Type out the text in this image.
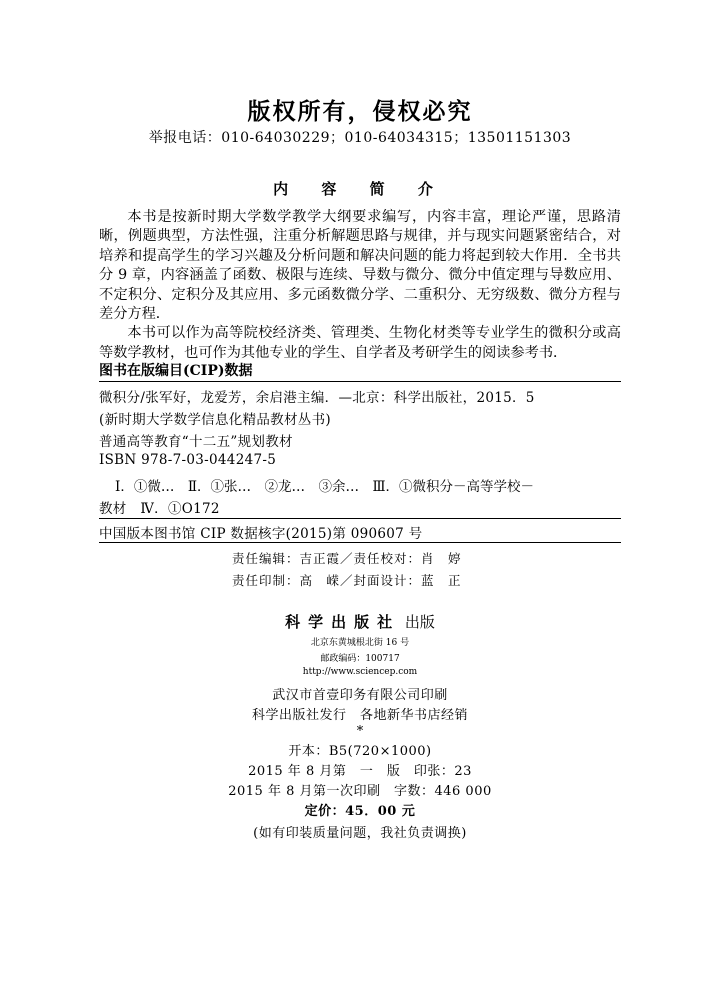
版权所有，侵权必究
举报电话：010-64030229；010-64034315；13501151303
内 容 简 介

本书是按新时期大学数学教学大纲要求编写，内容丰富，理论严谨，思路清晰，例题典型，方法性强，注重分析解题思路与规律，并与现实问题紧密结合，对培养和提高学生的学习兴趣及分析问题和解决问题的能力将起到较大作用．全书共分 9 章，内容涵盖了函数、极限与连续、导数与微分、微分中值定理与导数应用、不定积分、定积分及其应用、多元函数微分学、二重积分、无穷级数、微分方程与差分方程．

本书可以作为高等院校经济类、管理类、生物化材类等专业学生的微积分或高等数学教材，也可作为其他专业的学生、自学者及考研学生的阅读参考书．

图书在版编目(CIP)数据
微积分/张军好，龙爱芳，余启港主编．—北京：科学出版社，2015．5
(新时期大学数学信息化精品教材丛书)
普通高等教育“十二五”规划教材
ISBN 978-7-03-044247-5
Ⅰ．①微…　Ⅱ．①张…　②龙…　③余…　Ⅲ．①微积分－高等学校－
教材　Ⅳ．①O172
中国版本图书馆 CIP 数据核字(2015)第 090607 号
责任编辑：吉正霞／责任校对：肖　婷
责任印制：高　嵘／封面设计：蓝　正
科学出版社 出版
北京东黄城根北街 16 号
邮政编码：100717
http://www.sciencep.com
武汉市首壹印务有限公司印刷
科学出版社发行　各地新华书店经销
*
开本：B5(720×1000)
2015 年 8 月第　一　版　印张：23
2015 年 8 月第一次印刷　字数：446 000
定价：45．00 元
(如有印装质量问题，我社负责调换)
